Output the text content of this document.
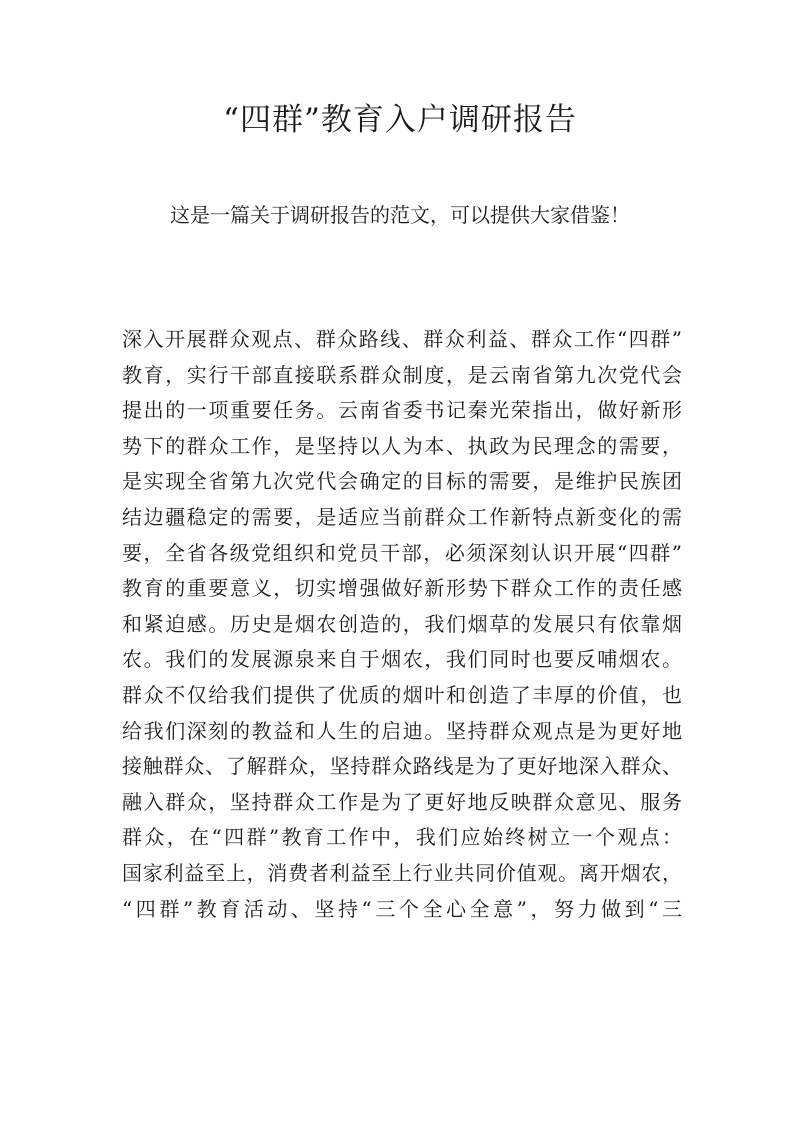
“四群”教育入户调研报告

这是一篇关于调研报告的范文，可以提供大家借鉴！

深入开展群众观点、群众路线、群众利益、群众工作“四群”
教育，实行干部直接联系群众制度，是云南省第九次党代会
提出的一项重要任务。云南省委书记秦光荣指出，做好新形
势下的群众工作，是坚持以人为本、执政为民理念的需要，
是实现全省第九次党代会确定的目标的需要，是维护民族团
结边疆稳定的需要，是适应当前群众工作新特点新变化的需
要，全省各级党组织和党员干部，必须深刻认识开展“四群”
教育的重要意义，切实增强做好新形势下群众工作的责任感
和紧迫感。历史是烟农创造的，我们烟草的发展只有依靠烟
农。我们的发展源泉来自于烟农，我们同时也要反哺烟农。
群众不仅给我们提供了优质的烟叶和创造了丰厚的价值，也
给我们深刻的教益和人生的启迪。坚持群众观点是为更好地
接触群众、了解群众，坚持群众路线是为了更好地深入群众、
融入群众，坚持群众工作是为了更好地反映群众意见、服务
群众，在“四群”教育工作中，我们应始终树立一个观点：
国家利益至上，消费者利益至上行业共同价值观。离开烟农，
“四群”教育活动、坚持“三个全心全意”，努力做到“三
